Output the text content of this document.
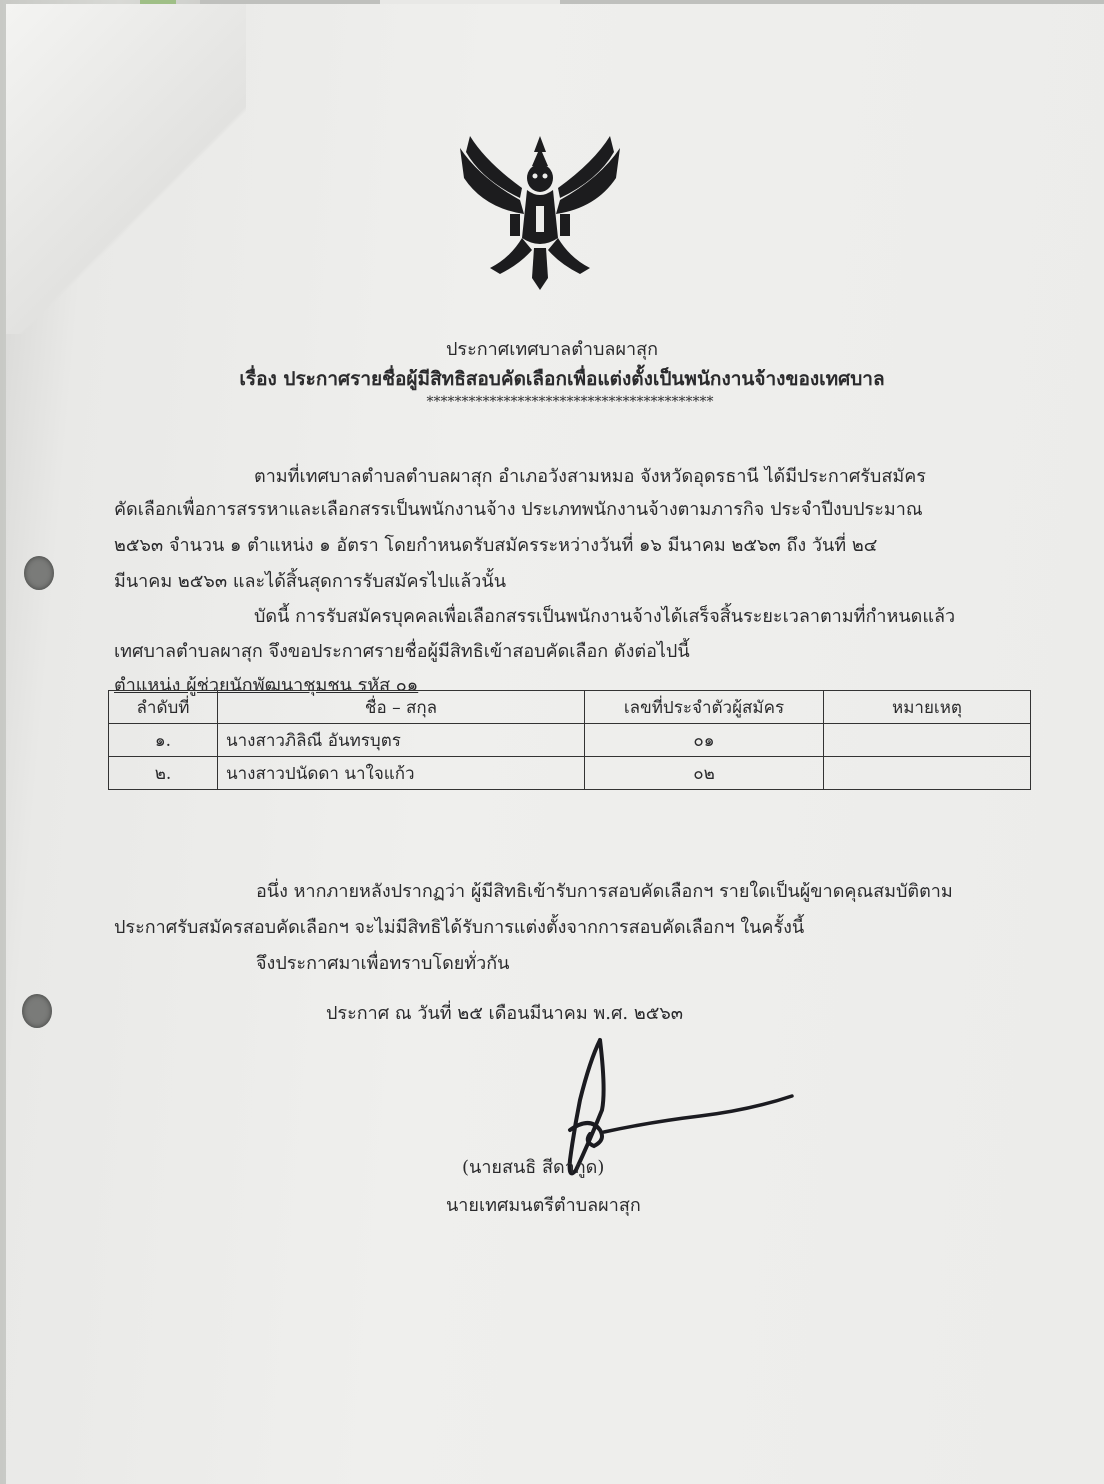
ประกาศเทศบาลตำบลผาสุก
เรื่อง ประกาศรายชื่อผู้มีสิทธิสอบคัดเลือกเพื่อแต่งตั้งเป็นพนักงานจ้างของเทศบาล
*****************************************
ตามที่เทศบาลตำบลตำบลผาสุก อำเภอวังสามหมอ จังหวัดอุดรธานี ได้มีประกาศรับสมัคร
คัดเลือกเพื่อการสรรหาและเลือกสรรเป็นพนักงานจ้าง ประเภทพนักงานจ้างตามภารกิจ ประจำปีงบประมาณ
๒๕๖๓ จำนวน ๑ ตำแหน่ง ๑ อัตรา โดยกำหนดรับสมัครระหว่างวันที่ ๑๖ มีนาคม ๒๕๖๓ ถึง วันที่ ๒๔
มีนาคม ๒๕๖๓ และได้สิ้นสุดการรับสมัครไปแล้วนั้น
บัดนี้ การรับสมัครบุคคลเพื่อเลือกสรรเป็นพนักงานจ้างได้เสร็จสิ้นระยะเวลาตามที่กำหนดแล้ว
เทศบาลตำบลผาสุก จึงขอประกาศรายชื่อผู้มีสิทธิเข้าสอบคัดเลือก ดังต่อไปนี้
ตำแหน่ง ผู้ช่วยนักพัฒนาชุมชน รหัส ๐๑
ลำดับที่	ชื่อ – สกุล	เลขที่ประจำตัวผู้สมัคร	หมายเหตุ
๑.	นางสาวภิลิณี อันทรบุตร	๐๑	
๒.	นางสาวปนัดดา นาใจแก้ว	๐๒	
อนึ่ง หากภายหลังปรากฏว่า ผู้มีสิทธิเข้ารับการสอบคัดเลือกฯ รายใดเป็นผู้ขาดคุณสมบัติตาม
ประกาศรับสมัครสอบคัดเลือกฯ จะไม่มีสิทธิได้รับการแต่งตั้งจากการสอบคัดเลือกฯ ในครั้งนี้
จึงประกาศมาเพื่อทราบโดยทั่วกัน
ประกาศ ณ วันที่ ๒๕ เดือนมีนาคม พ.ศ. ๒๕๖๓
(นายสนธิ สีดากูด)
นายเทศมนตรีตำบลผาสุก
